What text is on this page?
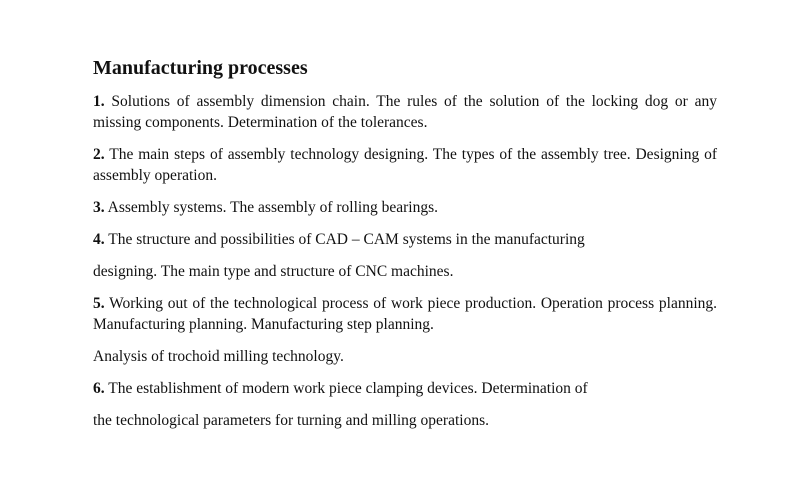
Manufacturing processes

1. Solutions of assembly dimension chain. The rules of the solution of the locking dog or any missing components. Determination of the tolerances.

2. The main steps of assembly technology designing. The types of the assembly tree. Designing of assembly operation.

3. Assembly systems. The assembly of rolling bearings.

4. The structure and possibilities of CAD – CAM systems in the manufacturing

designing. The main type and structure of CNC machines.

5. Working out of the technological process of work piece production. Operation process planning. Manufacturing planning. Manufacturing step planning.

Analysis of trochoid milling technology.

6. The establishment of modern work piece clamping devices. Determination of

the technological parameters for turning and milling operations.
